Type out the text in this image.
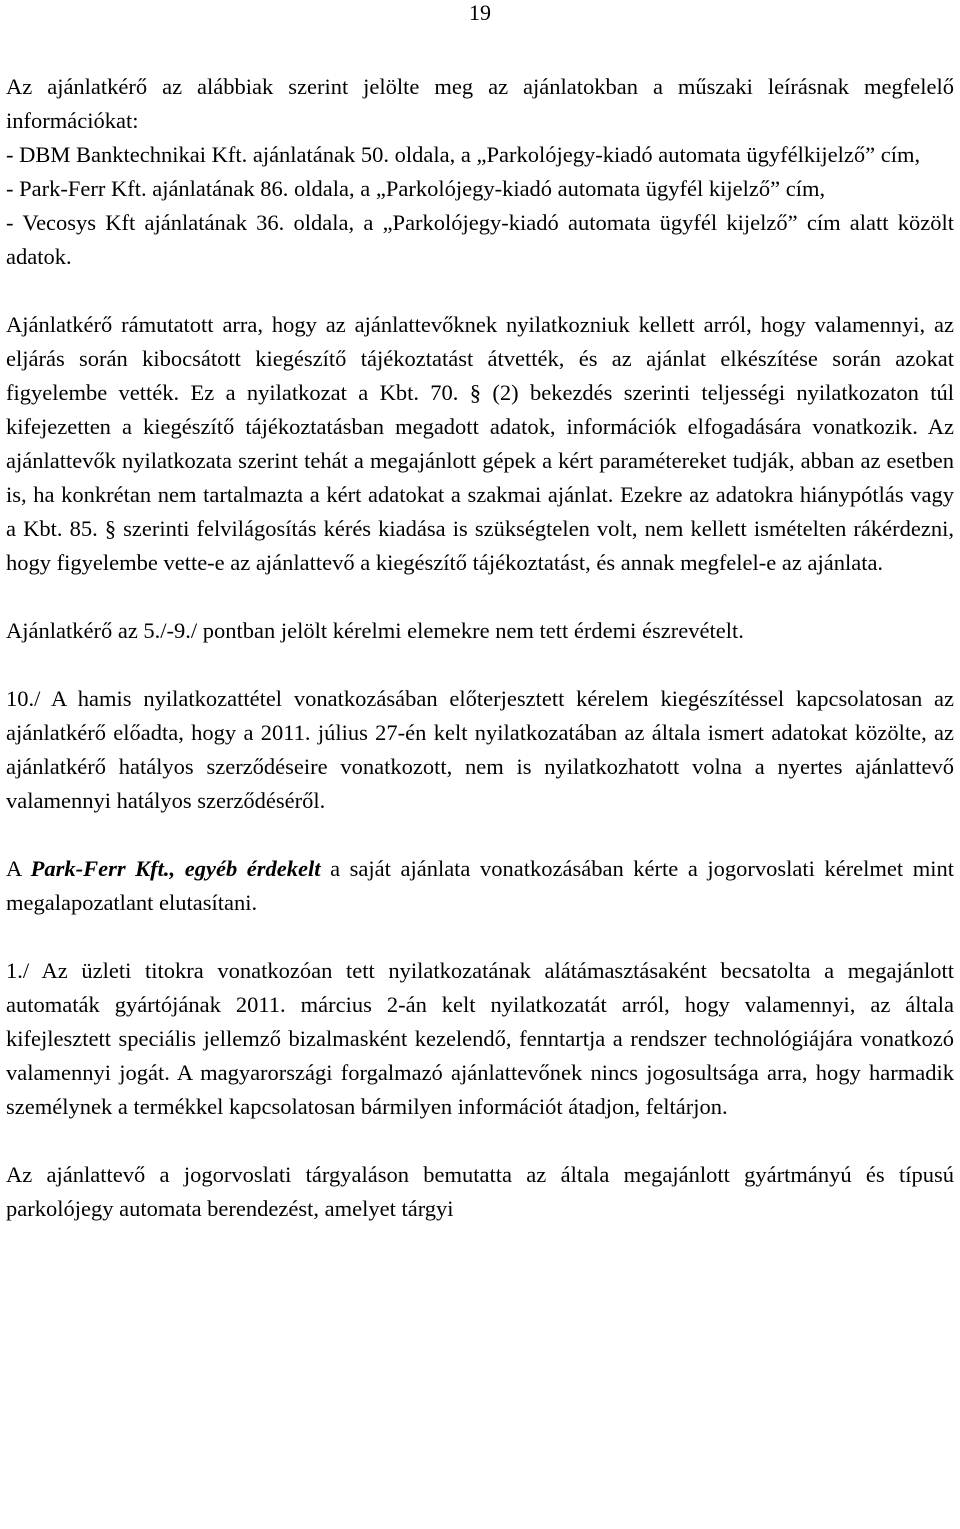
19
Az ajánlatkérő az alábbiak szerint jelölte meg az ajánlatokban a műszaki leírásnak megfelelő információkat:
- DBM Banktechnikai Kft. ajánlatának 50. oldala, a „Parkolójegy-kiadó automata ügyfélkijelző” cím,
- Park-Ferr Kft. ajánlatának 86. oldala, a „Parkolójegy-kiadó automata ügyfél kijelző” cím,
- Vecosys Kft ajánlatának 36. oldala, a „Parkolójegy-kiadó automata ügyfél kijelző” cím alatt közölt adatok.

Ajánlatkérő rámutatott arra, hogy az ajánlattevőknek nyilatkozniuk kellett arról, hogy valamennyi, az eljárás során kibocsátott kiegészítő tájékoztatást átvették, és az ajánlat elkészítése során azokat figyelembe vették. Ez a nyilatkozat a Kbt. 70. § (2) bekezdés szerinti teljességi nyilatkozaton túl kifejezetten a kiegészítő tájékoztatásban megadott adatok, információk elfogadására vonatkozik. Az ajánlattevők nyilatkozata szerint tehát a megajánlott gépek a kért paramétereket tudják, abban az esetben is, ha konkrétan nem tartalmazta a kért adatokat a szakmai ajánlat. Ezekre az adatokra hiánypótlás vagy a Kbt. 85. § szerinti felvilágosítás kérés kiadása is szükségtelen volt, nem kellett ismételten rákérdezni, hogy figyelembe vette-e az ajánlattevő a kiegészítő tájékoztatást, és annak megfelel-e az ajánlata.

Ajánlatkérő az 5./-9./ pontban jelölt kérelmi elemekre nem tett érdemi észrevételt.

10./ A hamis nyilatkozattétel vonatkozásában előterjesztett kérelem kiegészítéssel kapcsolatosan az ajánlatkérő előadta, hogy a 2011. július 27-én kelt nyilatkozatában az általa ismert adatokat közölte, az ajánlatkérő hatályos szerződéseire vonatkozott, nem is nyilatkozhatott volna a nyertes ajánlattevő valamennyi hatályos szerződéséről.

A Park-Ferr Kft., egyéb érdekelt a saját ajánlata vonatkozásában kérte a jogorvoslati kérelmet mint megalapozatlant elutasítani.

1./ Az üzleti titokra vonatkozóan tett nyilatkozatának alátámasztásaként becsatolta a megajánlott automaták gyártójának 2011. március 2-án kelt nyilatkozatát arról, hogy valamennyi, az általa kifejlesztett speciális jellemző bizalmasként kezelendő, fenntartja a rendszer technológiájára vonatkozó valamennyi jogát. A magyarországi forgalmazó ajánlattevőnek nincs jogosultsága arra, hogy harmadik személynek a termékkel kapcsolatosan bármilyen információt átadjon, feltárjon.

Az ajánlattevő a jogorvoslati tárgyaláson bemutatta az általa megajánlott gyártmányú és típusú parkolójegy automata berendezést, amelyet tárgyi
